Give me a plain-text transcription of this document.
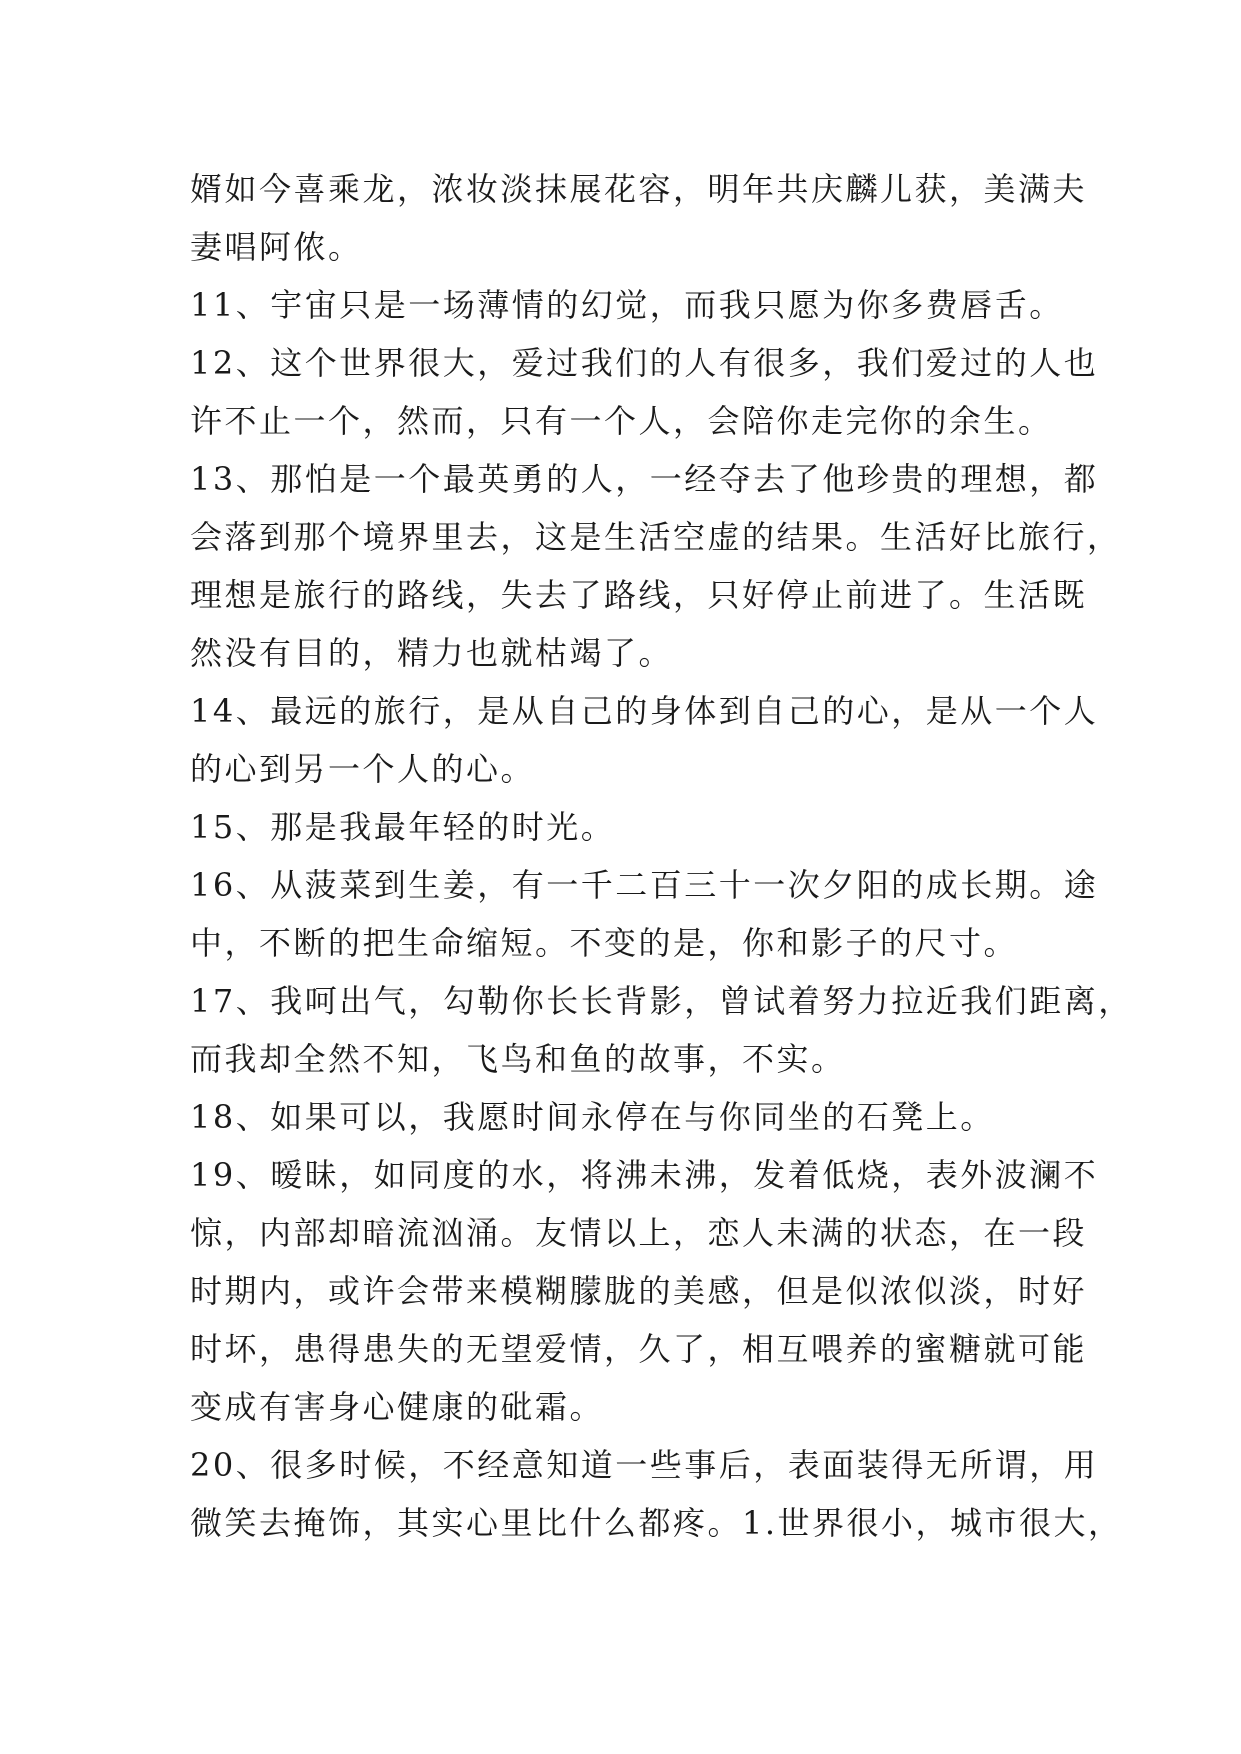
婿如今喜乘龙，浓妆淡抹展花容，明年共庆麟儿获，美满夫
妻唱阿侬。
11、宇宙只是一场薄情的幻觉，而我只愿为你多费唇舌。
12、这个世界很大，爱过我们的人有很多，我们爱过的人也
许不止一个，然而，只有一个人，会陪你走完你的余生。
13、那怕是一个最英勇的人，一经夺去了他珍贵的理想，都
会落到那个境界里去，这是生活空虚的结果。生活好比旅行，
理想是旅行的路线，失去了路线，只好停止前进了。生活既
然没有目的，精力也就枯竭了。
14、最远的旅行，是从自己的身体到自己的心，是从一个人
的心到另一个人的心。
15、那是我最年轻的时光。
16、从菠菜到生姜，有一千二百三十一次夕阳的成长期。途
中，不断的把生命缩短。不变的是，你和影子的尺寸。
17、我呵出气，勾勒你长长背影，曾试着努力拉近我们距离，
而我却全然不知，飞鸟和鱼的故事，不实。
18、如果可以，我愿时间永停在与你同坐的石凳上。
19、暧昧，如同度的水，将沸未沸，发着低烧，表外波澜不
惊，内部却暗流汹涌。友情以上，恋人未满的状态，在一段
时期内，或许会带来模糊朦胧的美感，但是似浓似淡，时好
时坏，患得患失的无望爱情，久了，相互喂养的蜜糖就可能
变成有害身心健康的砒霜。
20、很多时候，不经意知道一些事后，表面装得无所谓，用
微笑去掩饰，其实心里比什么都疼。1.世界很小，城市很大，
